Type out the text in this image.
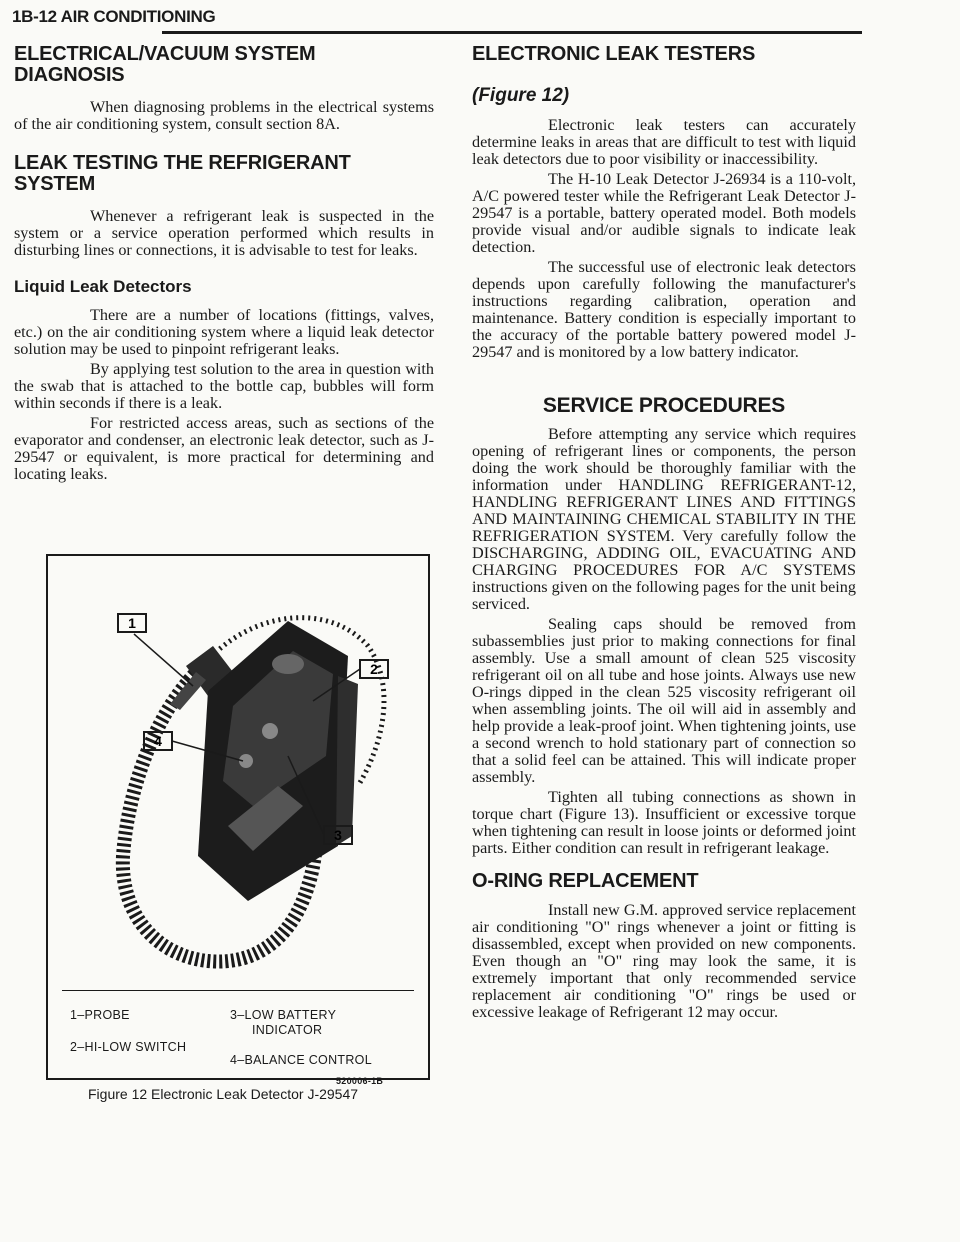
1B-12 AIR CONDITIONING
ELECTRICAL/VACUUM SYSTEM DIAGNOSIS

When diagnosing problems in the electrical systems of the air conditioning system, consult section 8A.

LEAK TESTING THE REFRIGERANT SYSTEM

Whenever a refrigerant leak is suspected in the system or a service operation performed which results in disturbing lines or connections, it is advisable to test for leaks.

Liquid Leak Detectors

There are a number of locations (fittings, valves, etc.) on the air conditioning system where a liquid leak detector solution may be used to pinpoint refrigerant leaks.

By applying test solution to the area in question with the swab that is attached to the bottle cap, bubbles will form within seconds if there is a leak.

For restricted access areas, such as sections of the evaporator and condenser, an electronic leak detector, such as J-29547 or equivalent, is more practical for determining and locating leaks.

1
2
4
3
1–PROBE
2–HI-LOW SWITCH
3–LOW BATTERY
INDICATOR
4–BALANCE CONTROL
520006-1B
Figure 12 Electronic Leak Detector J-29547
ELECTRONIC LEAK TESTERS
(Figure 12)

Electronic leak testers can accurately determine leaks in areas that are difficult to test with liquid leak detectors due to poor visibility or inaccessibility.

The H-10 Leak Detector J-26934 is a 110-volt, A/C powered tester while the Refrigerant Leak Detector J-29547 is a portable, battery operated model. Both models provide visual and/or audible signals to indicate leak detection.

The successful use of electronic leak detectors depends upon carefully following the manufacturer's instructions regarding calibration, operation and maintenance. Battery condition is especially important to the accuracy of the portable battery powered model J-29547 and is monitored by a low battery indicator.

SERVICE PROCEDURES

Before attempting any service which requires opening of refrigerant lines or components, the person doing the work should be thoroughly familiar with the information under HANDLING REFRIGERANT-12, HANDLING REFRIGERANT LINES AND FITTINGS AND MAINTAINING CHEMICAL STABILITY IN THE REFRIGERATION SYSTEM. Very carefully follow the DISCHARGING, ADDING OIL, EVACUATING AND CHARGING PROCEDURES FOR A/C SYSTEMS instructions given on the following pages for the unit being serviced.

Sealing caps should be removed from subassemblies just prior to making connections for final assembly. Use a small amount of clean 525 viscosity refrigerant oil on all tube and hose joints. Always use new O-rings dipped in the clean 525 viscosity refrigerant oil when assembling joints. The oil will aid in assembly and help provide a leak-proof joint. When tightening joints, use a second wrench to hold stationary part of connection so that a solid feel can be attained. This will indicate proper assembly.

Tighten all tubing connections as shown in torque chart (Figure 13). Insufficient or excessive torque when tightening can result in loose joints or deformed joint parts. Either condition can result in refrigerant leakage.

O-RING REPLACEMENT

Install new G.M. approved service replacement air conditioning "O" rings whenever a joint or fitting is disassembled, except when provided on new components. Even though an "O" ring may look the same, it is extremely important that only recommended service replacement air conditioning "O" rings be used or excessive leakage of Refrigerant 12 may occur.
